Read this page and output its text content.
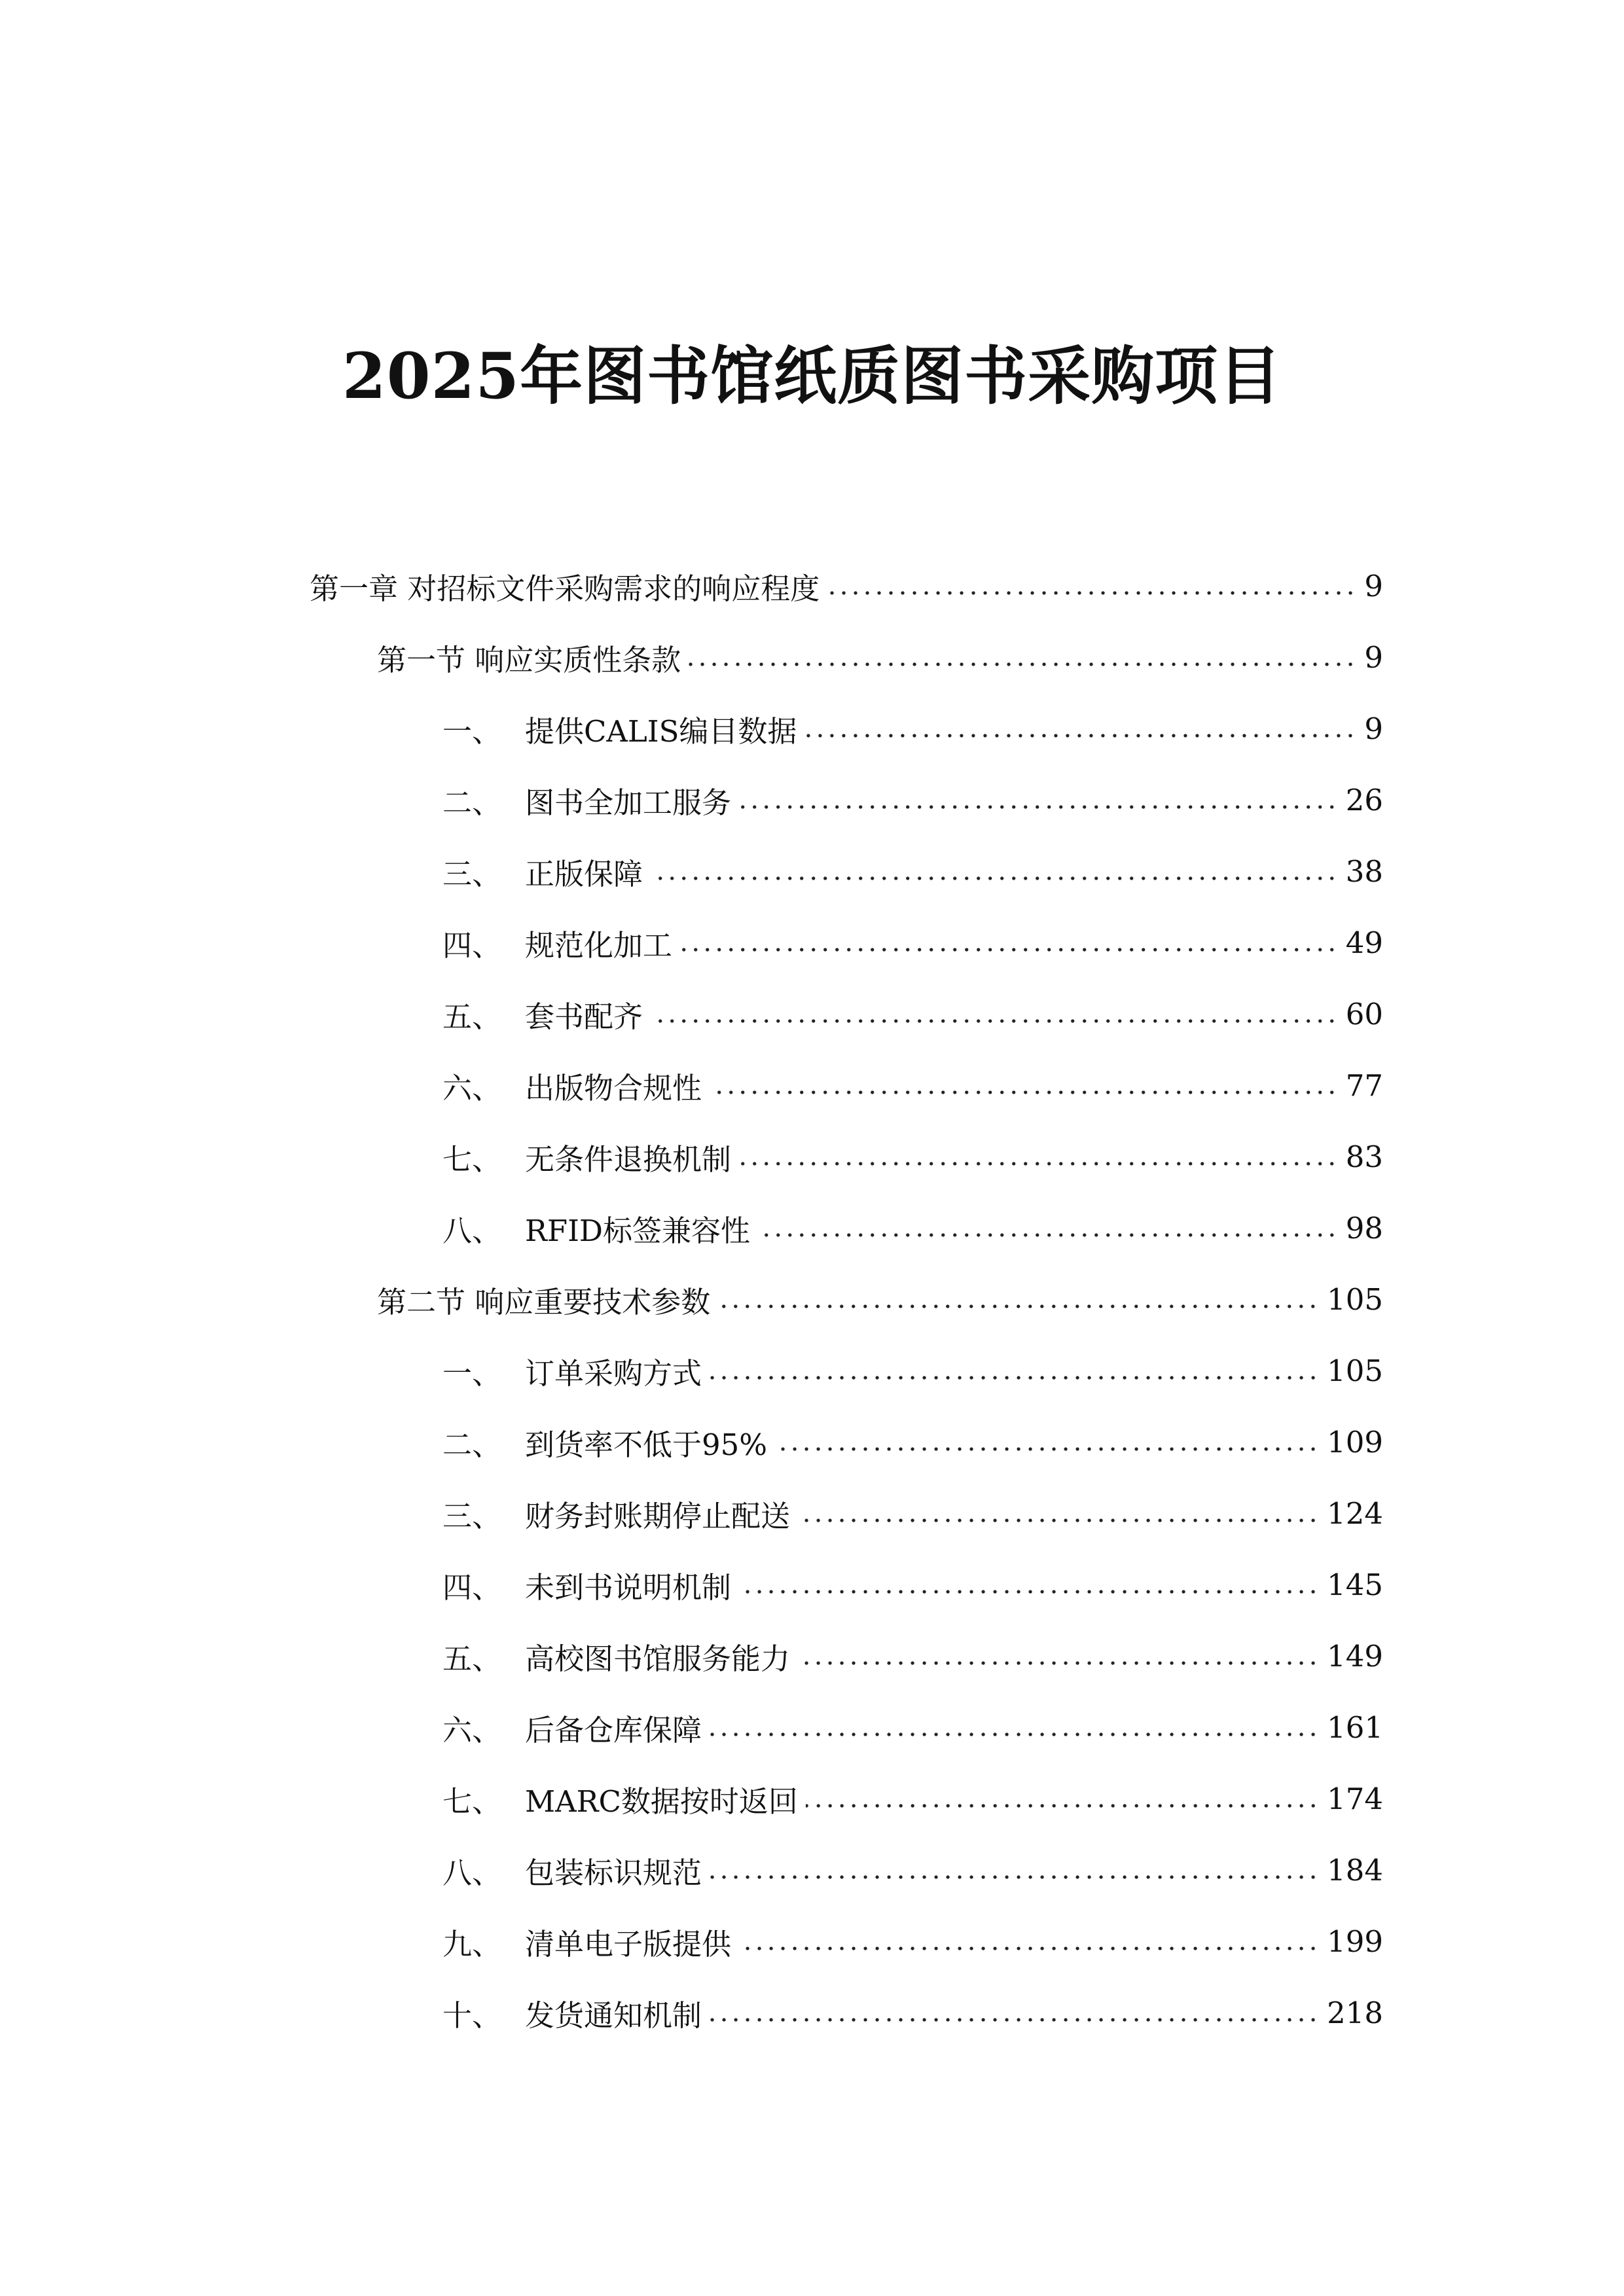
2025年图书馆纸质图书采购项目
第一章 对招标文件采购需求的响应程度	9
第一节 响应实质性条款	9
一、 提供CALIS编目数据	9
二、 图书全加工服务	26
三、 正版保障	38
四、 规范化加工	49
五、 套书配齐	60
六、 出版物合规性	77
七、 无条件退换机制	83
八、 RFID标签兼容性	98
第二节 响应重要技术参数	105
一、 订单采购方式	105
二、 到货率不低于95%	109
三、 财务封账期停止配送	124
四、 未到书说明机制	145
五、 高校图书馆服务能力	149
六、 后备仓库保障	161
七、 MARC数据按时返回	174
八、 包装标识规范	184
九、 清单电子版提供	199
十、 发货通知机制	218
